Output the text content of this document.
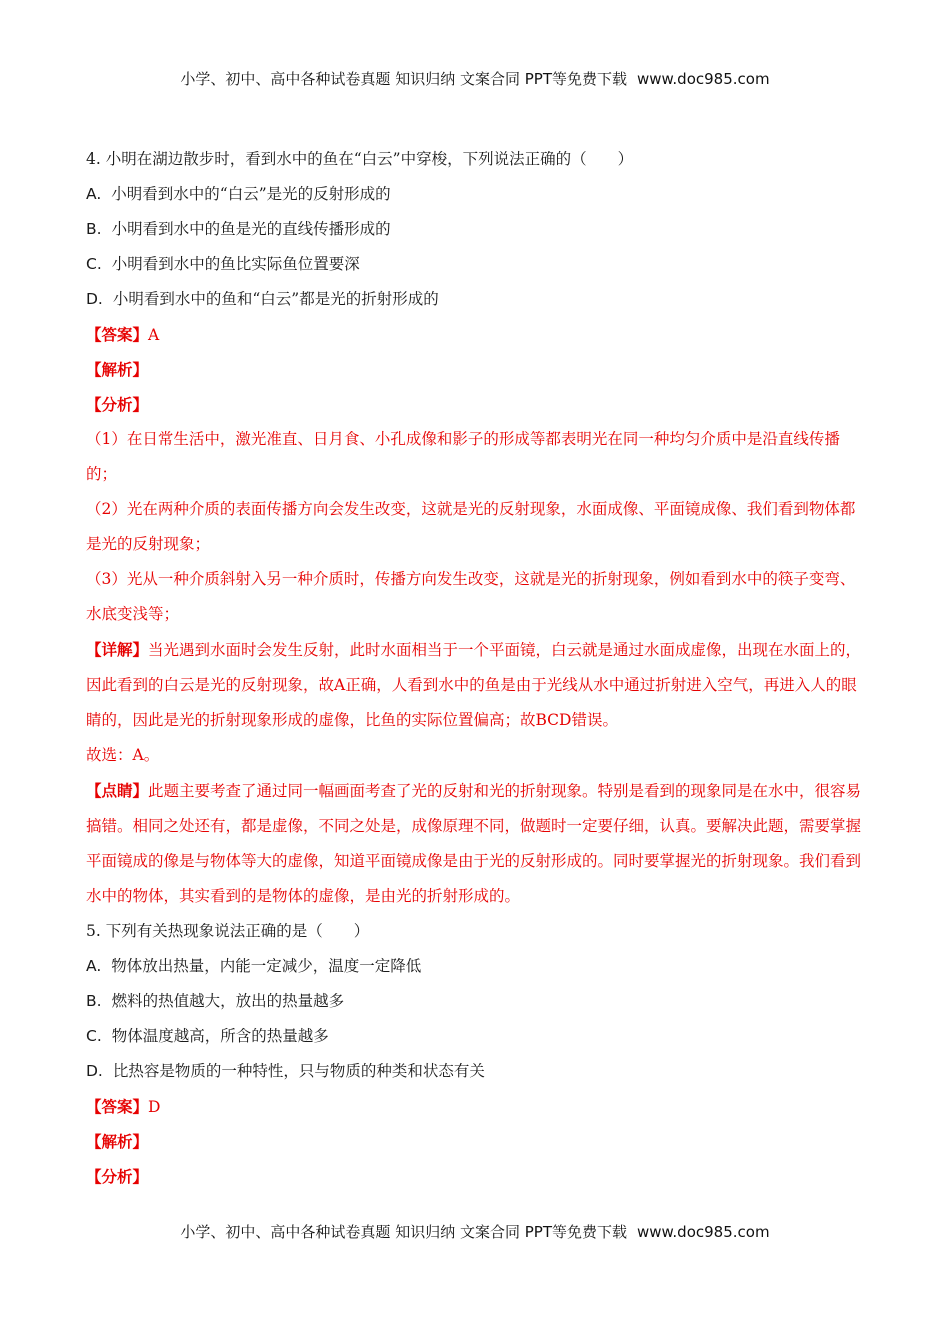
小学、初中、高中各种试卷真题 知识归纳 文案合同 PPT等免费下载 www.doc985.com
4. 小明在湖边散步时，看到水中的鱼在“白云”中穿梭，下列说法正确的（　　）
A. 小明看到水中的“白云”是光的反射形成的
B. 小明看到水中的鱼是光的直线传播形成的
C. 小明看到水中的鱼比实际鱼位置要深
D. 小明看到水中的鱼和“白云”都是光的折射形成的
【答案】A
【解析】
【分析】
（1）在日常生活中，激光准直、日月食、小孔成像和影子的形成等都表明光在同一种均匀介质中是沿直线传播的；
（2）光在两种介质的表面传播方向会发生改变，这就是光的反射现象，水面成像、平面镜成像、我们看到物体都是光的反射现象；
（3）光从一种介质斜射入另一种介质时，传播方向发生改变，这就是光的折射现象，例如看到水中的筷子变弯、水底变浅等；
【详解】当光遇到水面时会发生反射，此时水面相当于一个平面镜，白云就是通过水面成虚像，出现在水面上的，因此看到的白云是光的反射现象，故A正确，人看到水中的鱼是由于光线从水中通过折射进入空气，再进入人的眼睛的，因此是光的折射现象形成的虚像，比鱼的实际位置偏高；故BCD错误。
故选：A。
【点睛】此题主要考查了通过同一幅画面考查了光的反射和光的折射现象。特别是看到的现象同是在水中，很容易搞错。相同之处还有，都是虚像，不同之处是，成像原理不同，做题时一定要仔细，认真。要解决此题，需要掌握平面镜成的像是与物体等大的虚像，知道平面镜成像是由于光的反射形成的。同时要掌握光的折射现象。我们看到水中的物体，其实看到的是物体的虚像，是由光的折射形成的。
5. 下列有关热现象说法正确的是（　　）
A. 物体放出热量，内能一定减少，温度一定降低
B. 燃料的热值越大，放出的热量越多
C. 物体温度越高，所含的热量越多
D. 比热容是物质的一种特性，只与物质的种类和状态有关
【答案】D
【解析】
【分析】
小学、初中、高中各种试卷真题 知识归纳 文案合同 PPT等免费下载 www.doc985.com
